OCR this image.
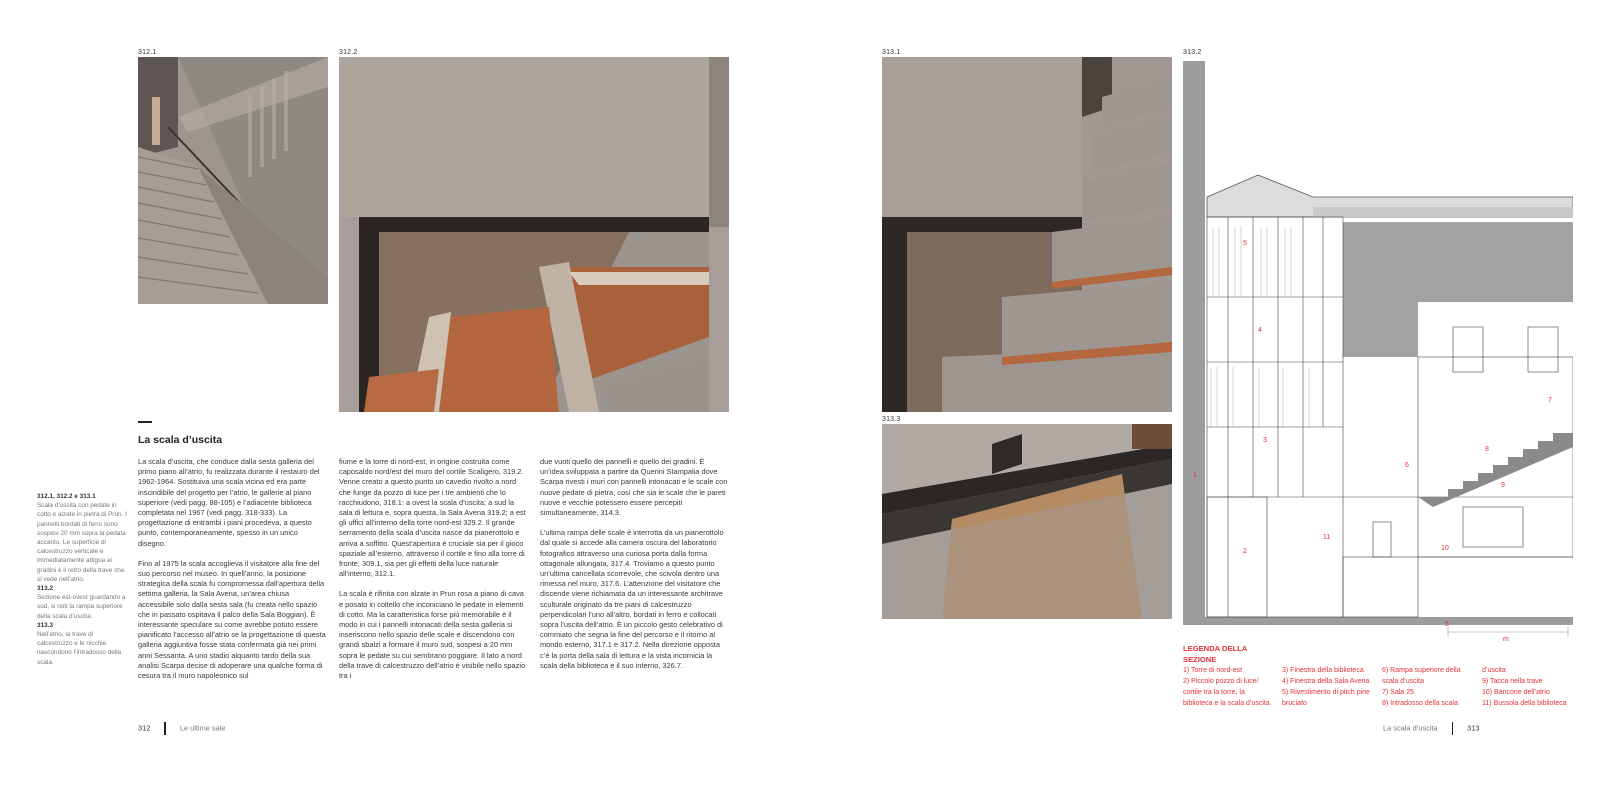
312.1	312.2
La scala d’uscita
312.1, 312.2 e 313.1
Scala d’uscita con pedate in cotto e alzate in pietra di Prun. I pannelli bordati di ferro sono sospesi 20 mm sopra la pedata accanto. Le superficie di calcestruzzo verticale e immediatamente attigua ai gradini è il retro della trave che si vede nell’atrio.
313.2
Sezione est-ovest guardando a sud, si noti la rampa superiore della scala d’uscita.
313.3
Nell’atrio, la trave di calcestruzzo e le nicchie nascondono l’intradosso della scala.

La scala d’uscita, che conduce dalla sesta galleria del primo piano all’atrio, fu realizzata durante il restauro del 1962-1964. Sostituiva una scala vicina ed era parte inscindibile del progetto per l’atrio, le gallerie al piano superiore (vedi pagg. 88-105) e l’adiacente biblioteca completata nel 1967 (vedi pagg. 318-333). La progettazione di entrambi i piani procedeva, a questo punto, contemporaneamente, spesso in un unico disegno.

Fino al 1975 la scala accoglieva il visitatore alla fine del suo percorso nel museo. In quell’anno, la posizione strategica della scala fu compromessa dall’apertura della settima galleria, la Sala Avena, un’area chiusa accessibile solo dalla sesta sala (fu creata nello spazio che in passato ospitava il palco della Sala Boggian). È interessante speculare su come avrebbe potuto essere pianificato l’accesso all’atrio se la progettazione di questa galleria aggiuntiva fosse stata confermata già nei primi anni Sessanta. A uno stadio alquanto tardo della sua analisi Scarpa decise di adoperare una qualche forma di cesura tra il muro napoleonico sul

fiume e la torre di nord-est, in origine costruita come caposaldo nord/est del muro del cortile Scaligero, 319.2. Venne creato a questo punto un cavedio rivolto a nord che funge da pozzo di luce per i tre ambienti che lo racchiudono, 318.1: a ovest la scala d’uscita; a sud la sala di lettura e, sopra questa, la Sala Avena 319.2; a est gli uffici all’interno della torre nord-est 329.2. Il grande serramento della scala d’uscita nasce da pianerottolo e arriva a soffitto. Quest’apertura è cruciale sia per il gioco spaziale all’esterno, attraverso il cortile e fino alla torre di fronte, 309.1, sia per gli effetti della luce naturale all’interno, 312.1.

La scala è rifinita con alzate in Prun rosa a piano di cava e posato in coltello che inconiciano le pedate in elementi di cotto. Ma la caratteristica forse più memorabile è il modo in cui i pannelli intonacati della sesta galleria si inseriscono nello spazio delle scale e discendono con grandi sbalzi a formare il muro sud, sospesi a 20 mm sopra le pedate su cui sembrano poggiare. Il lato a nord della trave di calcestruzzo dell’atrio è visibile nello spazio tra i

due vuoti quello dei pannelli e quello dei gradini. È un’idea sviluppata a partire da Querini Stampalia dove Scarpa rivesti i muri con pannelli intonacati e le scale con nuove pedate di pietra, così che sia le scale che le pareti nuove e vecchie potessero essere percepiti simultaneamente, 314.3.

L’ultima rampa delle scale è interrotta da un pianerottolo dal quale si accede alla camera oscura del laboratorio fotografico attraverso una curiosa porta dalla forma ottagonale allungata, 317.4. Troviamo a questo punto un’ultima cancellata scorrevole, che scivola dentro una rimessa nel muro, 317.6. L’attenzione del visitatore che discende viene richiamata da un interessante architrave sculturale originato da tre piani di calcestruzzo perpendicolari l’uno all’altro, bordati in ferro e collocati sopra l’uscita dell’atrio. È un piccolo gesto celebrativo di commiato che segna la fine del percorso e il ritorno al mondo esterno, 317.1 e 317.2. Nella direzione opposta c’è la porta della sala di lettura e la vista incornicia la scala della biblioteca e il suo interno, 326.7.

312	Le ultime sale
313.1
313.3
313.2
1
2
3
4
5
6
7
8
9
10
11
5
m
LEGENDA DELLA
SEZIONE
1) Torre di nord-est
2) Piccolo pozzo di luce/
cortile tra la torre, la
biblioteca e la scala d’uscita
3) Finestra della biblioteca
4) Finestra della Sala Avena
5) Rivestimento di pitch pine
bruciato
6) Rampa superiore della
scala d’uscita
7) Sala 25
8) Intradosso della scala
d’uscita
9) Tacca nella trave
10) Bancone dell’atrio
11) Bussola della biblioteca
La scala d’uscita	313
